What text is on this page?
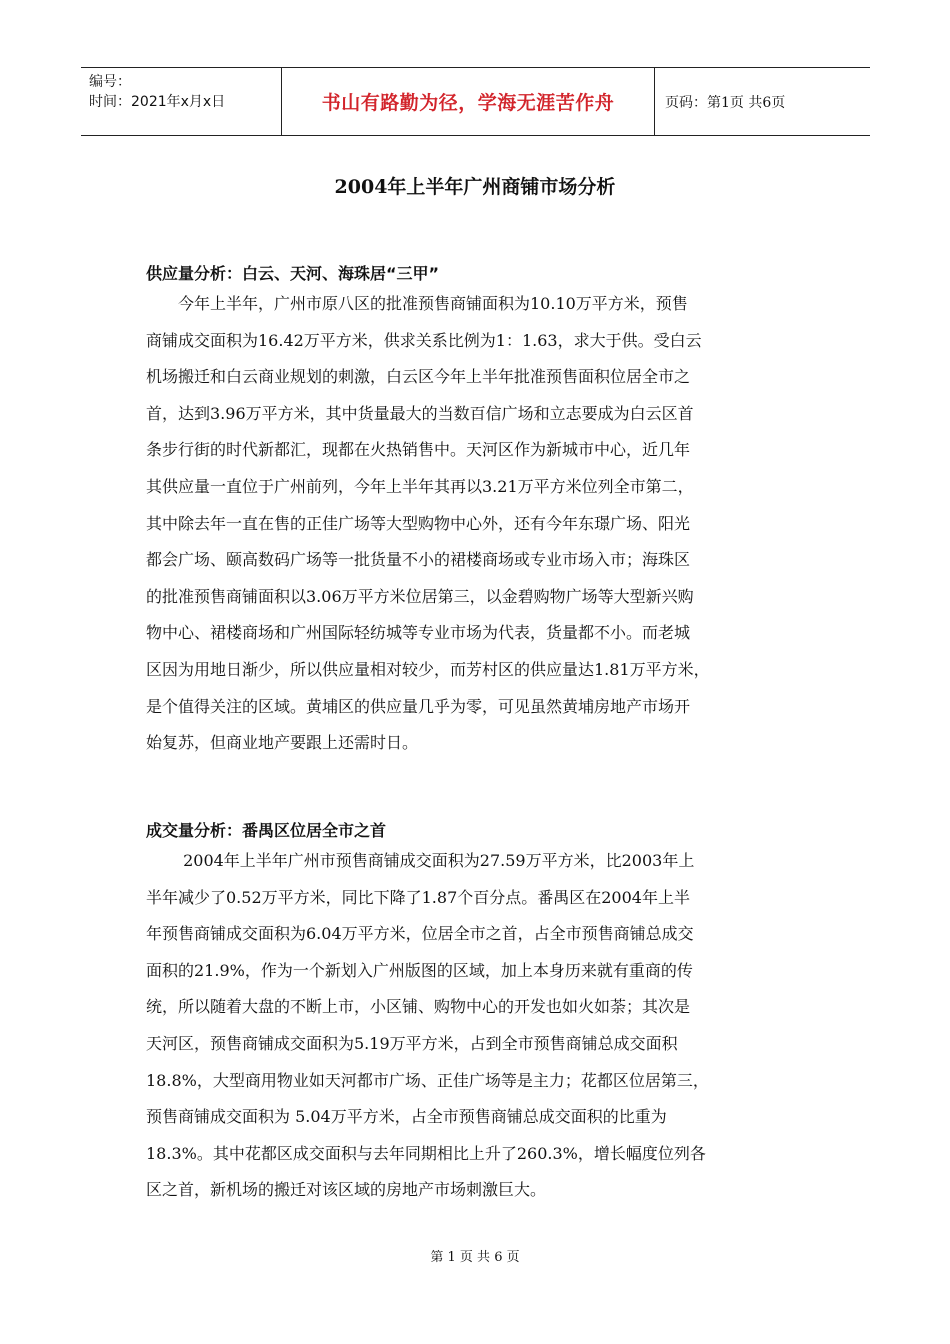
编号：
时间：2021年x月x日	书山有路勤为径，学海无涯苦作舟	页码：第1页 共6页
2004年上半年广州商铺市场分析
供应量分析：白云、天河、海珠居“三甲”
　　今年上半年，广州市原八区的批准预售商铺面积为10.10万平方米，预售
商铺成交面积为16.42万平方米，供求关系比例为1：1.63，求大于供。受白云
机场搬迁和白云商业规划的刺激，白云区今年上半年批准预售面积位居全市之
首，达到3.96万平方米，其中货量最大的当数百信广场和立志要成为白云区首
条步行街的时代新都汇，现都在火热销售中。天河区作为新城市中心，近几年
其供应量一直位于广州前列，今年上半年其再以3.21万平方米位列全市第二，
其中除去年一直在售的正佳广场等大型购物中心外，还有今年东璟广场、阳光
都会广场、颐高数码广场等一批货量不小的裙楼商场或专业市场入市；海珠区
的批准预售商铺面积以3.06万平方米位居第三，以金碧购物广场等大型新兴购
物中心、裙楼商场和广州国际轻纺城等专业市场为代表，货量都不小。而老城
区因为用地日渐少，所以供应量相对较少，而芳村区的供应量达1.81万平方米，
是个值得关注的区域。黄埔区的供应量几乎为零，可见虽然黄埔房地产市场开
始复苏，但商业地产要跟上还需时日。
成交量分析：番禺区位居全市之首
　　 2004年上半年广州市预售商铺成交面积为27.59万平方米，比2003年上
半年减少了0.52万平方米，同比下降了1.87个百分点。番禺区在2004年上半
年预售商铺成交面积为6.04万平方米，位居全市之首，占全市预售商铺总成交
面积的21.9%，作为一个新划入广州版图的区域，加上本身历来就有重商的传
统，所以随着大盘的不断上市，小区铺、购物中心的开发也如火如荼；其次是
天河区，预售商铺成交面积为5.19万平方米，占到全市预售商铺总成交面积
18.8%，大型商用物业如天河都市广场、正佳广场等是主力；花都区位居第三，
预售商铺成交面积为 5.04万平方米，占全市预售商铺总成交面积的比重为
18.3%。其中花都区成交面积与去年同期相比上升了260.3%，增长幅度位列各
区之首，新机场的搬迁对该区域的房地产市场刺激巨大。
第 1 页 共 6 页
